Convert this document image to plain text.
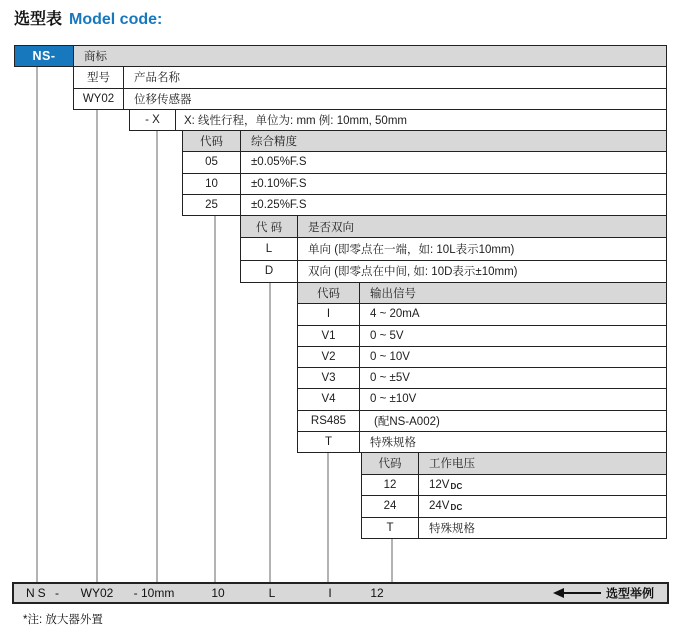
选型表 Model code:
NS-	商标
型号	产品名称
WY02	位移传感器
- X	X: 线性行程，单位为: mm 例: 10mm, 50mm
代码	综合精度
05	±0.05%F.S
10	±0.10%F.S
25	±0.25%F.S
代 码	是否双向
L	单向 (即零点在一端，如: 10L表示10mm)
D	双向 (即零点在中间, 如: 10D表示±10mm)
代码	输出信号
I	4 ~ 20mA
V1	0 ~ 5V
V2	0 ~ 10V
V3	0 ~ ±5V
V4	0 ~ ±10V
RS485	(配NS-A002)
T	特殊规格
代码	工作电压
12	12V DC
24	24V DC
T	特殊规格
NS - WY02 - 10mm	10	L	I	12	选型举例
*注: 放大器外置
